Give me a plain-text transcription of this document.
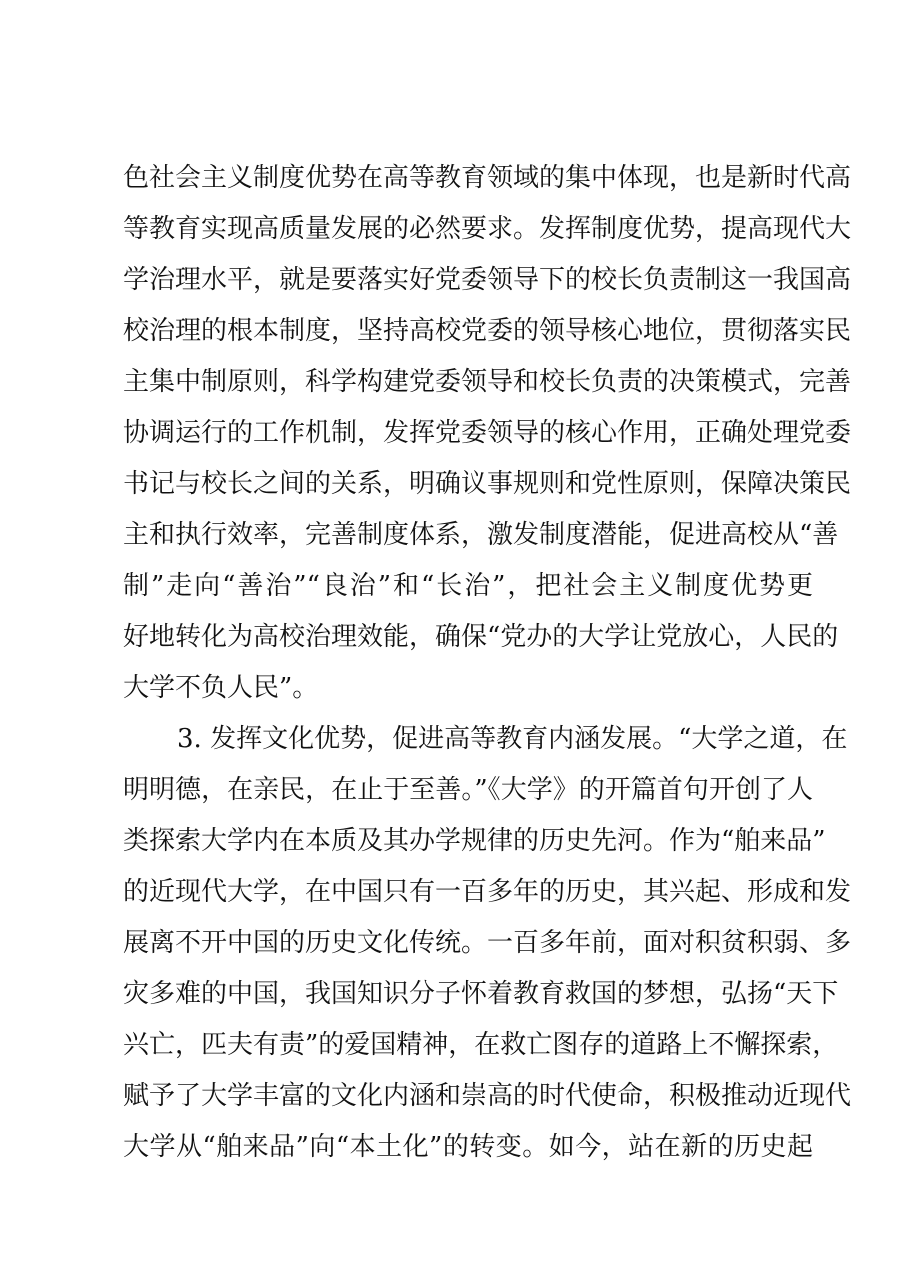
色社会主义制度优势在高等教育领域的集中体现，也是新时代高
等教育实现高质量发展的必然要求。发挥制度优势，提高现代大
学治理水平，就是要落实好党委领导下的校长负责制这一我国高
校治理的根本制度，坚持高校党委的领导核心地位，贯彻落实民
主集中制原则，科学构建党委领导和校长负责的决策模式，完善
协调运行的工作机制，发挥党委领导的核心作用，正确处理党委
书记与校长之间的关系，明确议事规则和党性原则，保障决策民
主和执行效率，完善制度体系，激发制度潜能，促进高校从“善
制”走向“善治”“良治”和“长治”，把社会主义制度优势更
好地转化为高校治理效能，确保“党办的大学让党放心，人民的
大学不负人民”。
3. 发挥文化优势，促进高等教育内涵发展。“大学之道，在
明明德，在亲民，在止于至善。”《大学》的开篇首句开创了人
类探索大学内在本质及其办学规律的历史先河。作为“舶来品”
的近现代大学，在中国只有一百多年的历史，其兴起、形成和发
展离不开中国的历史文化传统。一百多年前，面对积贫积弱、多
灾多难的中国，我国知识分子怀着教育救国的梦想，弘扬“天下
兴亡，匹夫有责”的爱国精神，在救亡图存的道路上不懈探索，
赋予了大学丰富的文化内涵和崇高的时代使命，积极推动近现代
大学从“舶来品”向“本土化”的转变。如今，站在新的历史起
